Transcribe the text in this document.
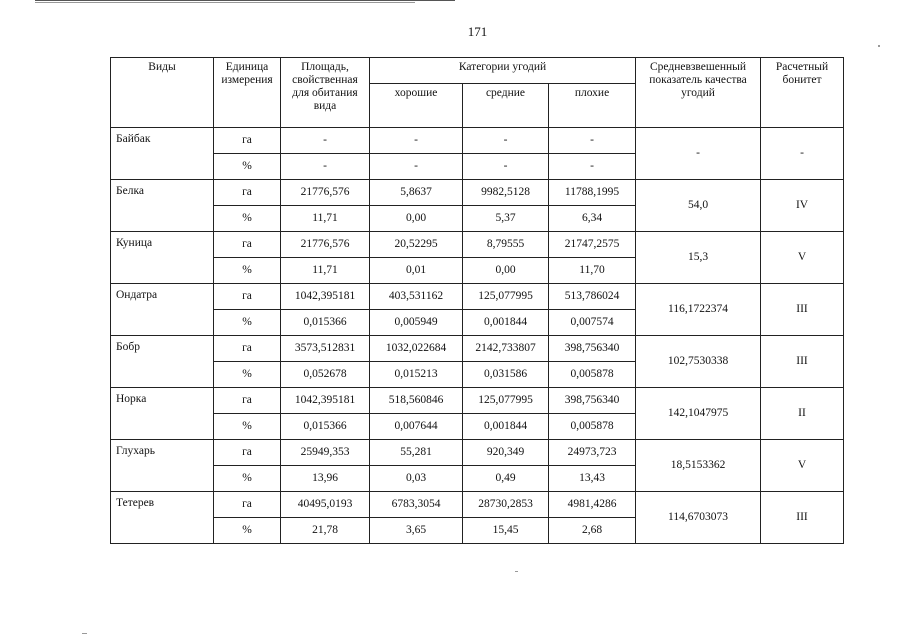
171
Виды	Единица измерения	Площадь, свойственная для обитания вида	Категории угодий			Средневзвешенный показатель качества угодий	Расчетный бонитет
			хорошие	средние	плохие		
Байбак	га	-	-	-	-	-	-
	%	-	-	-	-		
Белка	га	21776,576	5,8637	9982,5128	11788,1995	54,0	IV
	%	11,71	0,00	5,37	6,34		
Куница	га	21776,576	20,52295	8,79555	21747,2575	15,3	V
	%	11,71	0,01	0,00	11,70		
Ондатра	га	1042,395181	403,531162	125,077995	513,786024	116,1722374	III
	%	0,015366	0,005949	0,001844	0,007574		
Бобр	га	3573,512831	1032,022684	2142,733807	398,756340	102,7530338	III
	%	0,052678	0,015213	0,031586	0,005878		
Норка	га	1042,395181	518,560846	125,077995	398,756340	142,1047975	II
	%	0,015366	0,007644	0,001844	0,005878		
Глухарь	га	25949,353	55,281	920,349	24973,723	18,5153362	V
	%	13,96	0,03	0,49	13,43		
Тетерев	га	40495,0193	6783,3054	28730,2853	4981,4286	114,6703073	III
	%	21,78	3,65	15,45	2,68		
